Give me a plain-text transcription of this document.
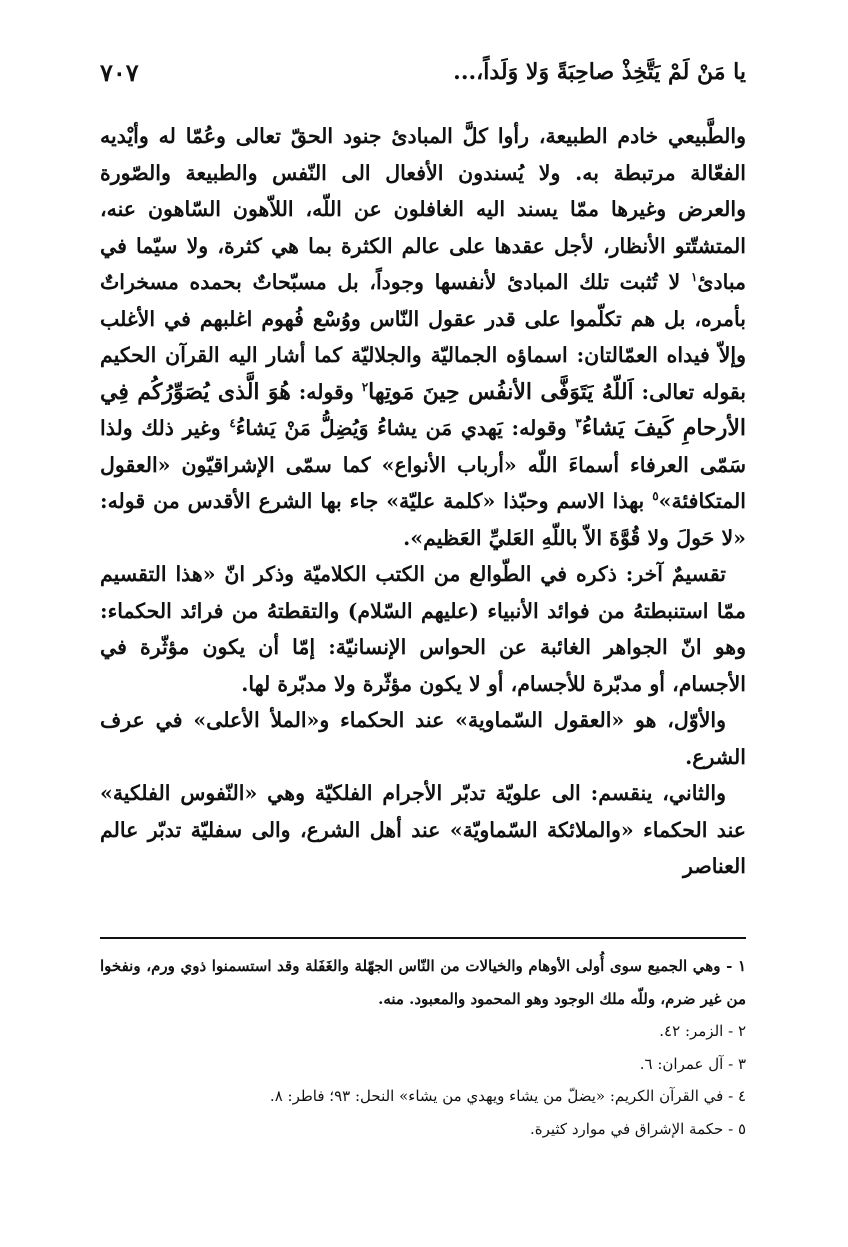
يا مَنْ لَمْ يَتَّخِذْ صاحِبَةً وَلا وَلَداً،...
٧٠٧

والطَّبيعي خادم الطبيعة، رأوا كلَّ المبادئ جنود الحقّ تعالى وعُمّا له وأيْديه الفعّالة مرتبطة به. ولا يُسندون الأفعال الى النّفس والطبيعة والصّورة والعرض وغيرها ممّا يسند اليه الغافلون عن اللّه، اللاّهون السّاهون عنه، المتشتّتو الأنظار، لأجل عقدها على عالم الكثرة بما هي كثرة، ولا سيّما في مبادئ$^١$ لا تُثبت تلك المبادئ لأنفسها وجوداً، بل مسبّحاتٌ بحمده مسخراتٌ بأمره، بل هم تكلّموا على قدر عقول النّاس ووُسْع فُهوم اغلبهم في الأغلب وإلاّ فيداه العمّالتان: اسماؤه الجماليّة والجلاليّة كما أشار اليه القرآن الحكيم بقوله تعالى: اَللّهُ يَتَوَفَّى الأنفُس حِينَ مَوتِها$^٢$ وقوله: هُوَ الَّذى يُصَوِّرُكُم فِي الأرحامِ كَيفَ يَشاءُ$^٣$ وقوله: يَهدي مَن يشاءُ وَيُضِلُّ مَنْ يَشاءُ$^٤$ وغير ذلك ولذا سَمّى العرفاء أسماءَ اللّه «أرباب الأنواع» كما سمّى الإشراقيّون «العقول المتكافئة»$^٥$ بهذا الاسم وحبّذا «كلمة عليّة» جاء بها الشرع الأقدس من قوله: «لا حَولَ ولا قُوَّةَ الاّ باللّهِ العَليِّ العَظيم».

تقسيمٌ آخر: ذكره في الطّوالع من الكتب الكلاميّة وذكر انّ «هذا التقسيم ممّا استنبطتهُ من فوائد الأنبياء (عليهم السّلام) والتقطتهُ من فرائد الحكماء: وهو انّ الجواهر الغائبة عن الحواس الإنسانيّة: إمّا أن يكون مؤثّرة في الأجسام، أو مدبّرة للأجسام، أو لا يكون مؤثّرة ولا مدبّرة لها.

والأوّل، هو «العقول السّماوية» عند الحكماء و«الملأ الأعلى» في عرف الشرع.

والثاني، ينقسم: الى علويّة تدبّر الأجرام الفلكيّة وهي «النّفوس الفلكية» عند الحكماء «والملائكة السّماويّة» عند أهل الشرع، والى سفليّة تدبّر عالم العناصر

١ - وهي الجميع سوى أُولى الأوهام والخيالات من النّاس الجهّلة والغَفَلة وقد استسمنوا ذوي ورم، ونفخوا من غير ضرم، وللّه ملك الوجود وهو المحمود والمعبود. منه.

٢ - الزمر: ٤٢.

٣ - آل عمران: ٦.

٤ - في القرآن الكريم: «يضلّ من يشاء ويهدي من يشاء» النحل: ٩٣؛ فاطر: ٨.

٥ - حكمة الإشراق في موارد كثيرة.
